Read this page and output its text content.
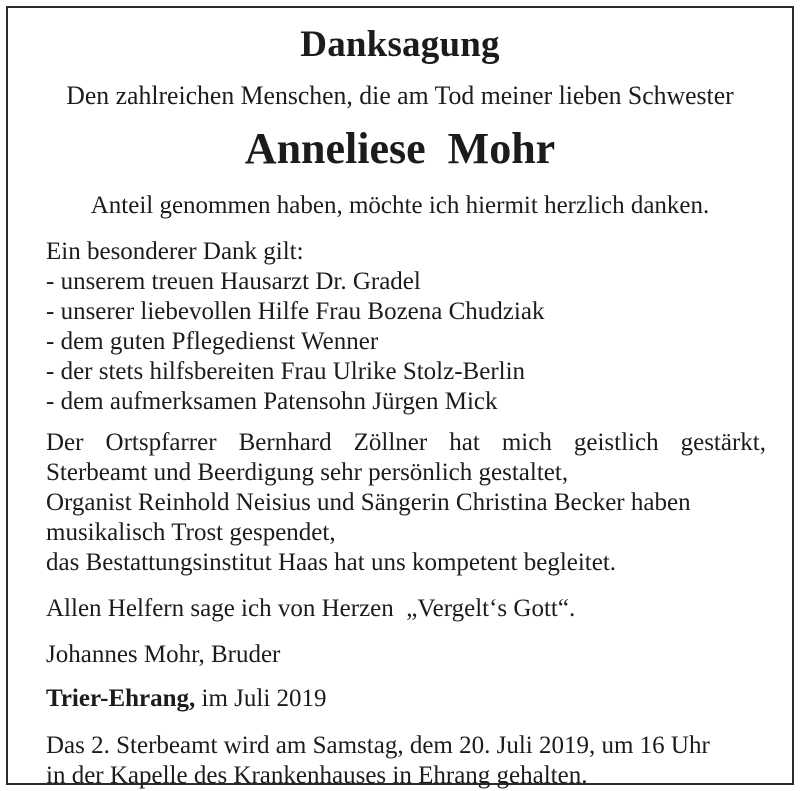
Danksagung
Den zahlreichen Menschen, die am Tod meiner lieben Schwester
Anneliese  Mohr
Anteil genommen haben, möchte ich hiermit herzlich danken.
Ein besonderer Dank gilt:
- unserem treuen Hausarzt Dr. Gradel
- unserer liebevollen Hilfe Frau Bozena Chudziak
- dem guten Pflegedienst Wenner
- der stets hilfsbereiten Frau Ulrike Stolz-Berlin
- dem aufmerksamen Patensohn Jürgen Mick
Der Ortspfarrer Bernhard Zöllner hat mich geistlich gestärkt,
Sterbeamt und Beerdigung sehr persönlich gestaltet,
Organist Reinhold Neisius und Sängerin Christina Becker haben
musikalisch Trost gespendet,
das Bestattungsinstitut Haas hat uns kompetent begleitet.
Allen Helfern sage ich von Herzen  „Vergelt‘s Gott“.
Johannes Mohr, Bruder
Trier-Ehrang, im Juli 2019
Das 2. Sterbeamt wird am Samstag, dem 20. Juli 2019, um 16 Uhr
in der Kapelle des Krankenhauses in Ehrang gehalten.
